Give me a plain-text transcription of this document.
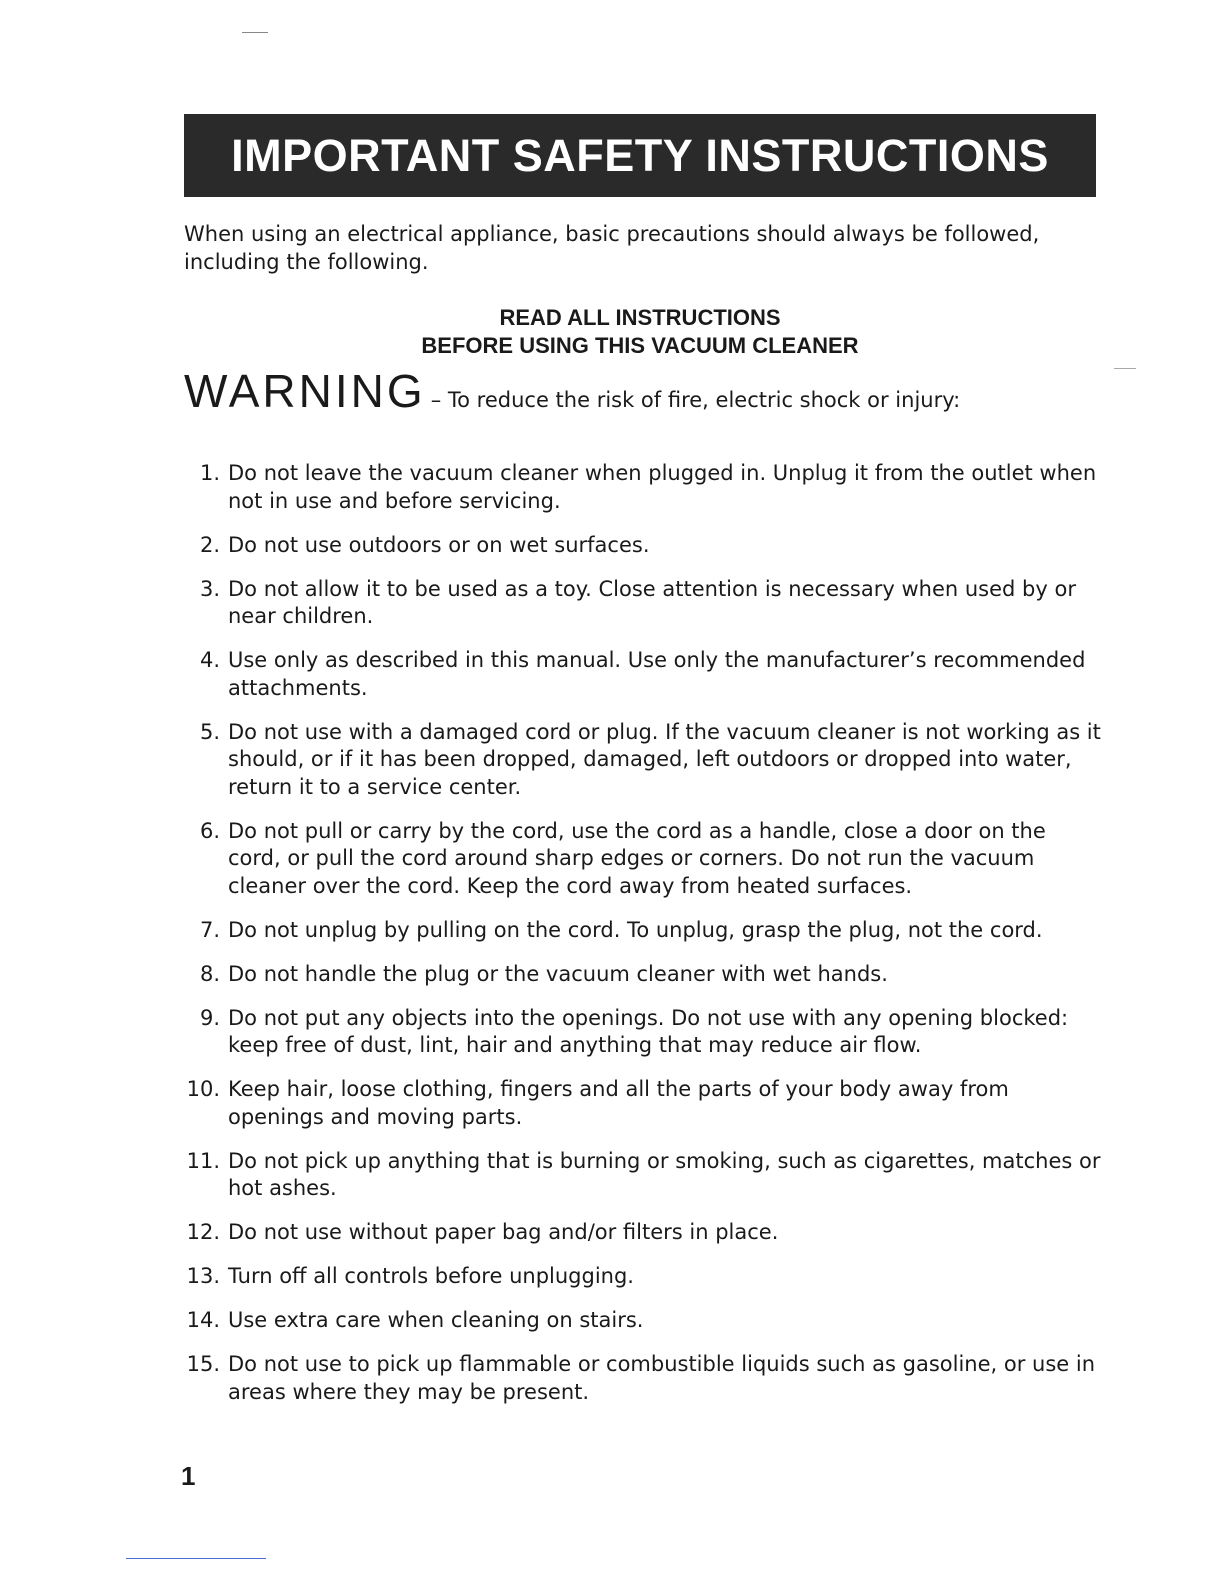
IMPORTANT SAFETY INSTRUCTIONS

When using an electrical appliance, basic precautions should always be followed, including the following.

READ ALL INSTRUCTIONS
BEFORE USING THIS VACUUM CLEANER
WARNING – To reduce the risk of fire, electric shock or injury:
1. Do not leave the vacuum cleaner when plugged in. Unplug it from the outlet when not in use and before servicing.
2. Do not use outdoors or on wet surfaces.
3. Do not allow it to be used as a toy. Close attention is necessary when used by or near children.
4. Use only as described in this manual. Use only the manufacturer’s recommended attachments.
5. Do not use with a damaged cord or plug. If the vacuum cleaner is not working as it should, or if it has been dropped, damaged, left outdoors or dropped into water, return it to a service center.
6. Do not pull or carry by the cord, use the cord as a handle, close a door on the cord, or pull the cord around sharp edges or corners. Do not run the vacuum cleaner over the cord. Keep the cord away from heated surfaces.
7. Do not unplug by pulling on the cord. To unplug, grasp the plug, not the cord.
8. Do not handle the plug or the vacuum cleaner with wet hands.
9. Do not put any objects into the openings. Do not use with any opening blocked: keep free of dust, lint, hair and anything that may reduce air flow.
10. Keep hair, loose clothing, fingers and all the parts of your body away from openings and moving parts.
11. Do not pick up anything that is burning or smoking, such as cigarettes, matches or hot ashes.
12. Do not use without paper bag and/or filters in place.
13. Turn off all controls before unplugging.
14. Use extra care when cleaning on stairs.
15. Do not use to pick up flammable or combustible liquids such as gasoline, or use in areas where they may be present.
1
